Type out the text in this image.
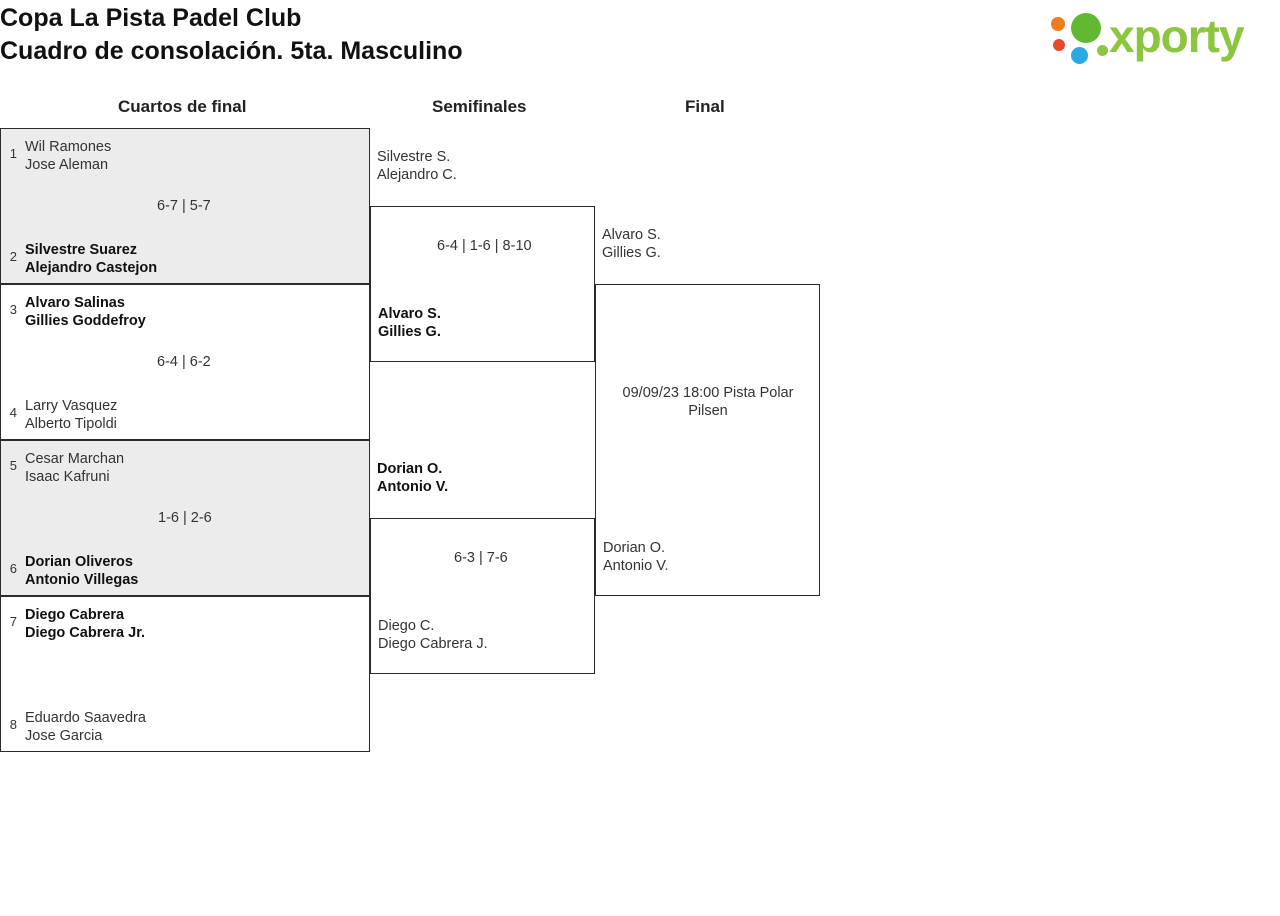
Copa La Pista Padel Club
Cuadro de consolación. 5ta. Masculino	xporty
Cuartos de final	Semifinales	Final
1 Wil Ramones
Jose Aleman
6-7 | 5-7
2 Silvestre Suarez
Alejandro Castejon
3 Alvaro Salinas
Gillies Goddefroy
6-4 | 6-2
4 Larry Vasquez
Alberto Tipoldi
5 Cesar Marchan
Isaac Kafruni
1-6 | 2-6
6 Dorian Oliveros
Antonio Villegas
7 Diego Cabrera
Diego Cabrera Jr.
8 Eduardo Saavedra
Jose Garcia
6-4 | 1-6 | 8-10
Alvaro S.
Gillies G.
Silvestre S.
Alejandro C.
6-3 | 7-6
Diego C.
Diego Cabrera J.
Dorian O.
Antonio V.
09/09/23 18:00 Pista Polar
Pilsen
Dorian O.
Antonio V.
Alvaro S.
Gillies G.
